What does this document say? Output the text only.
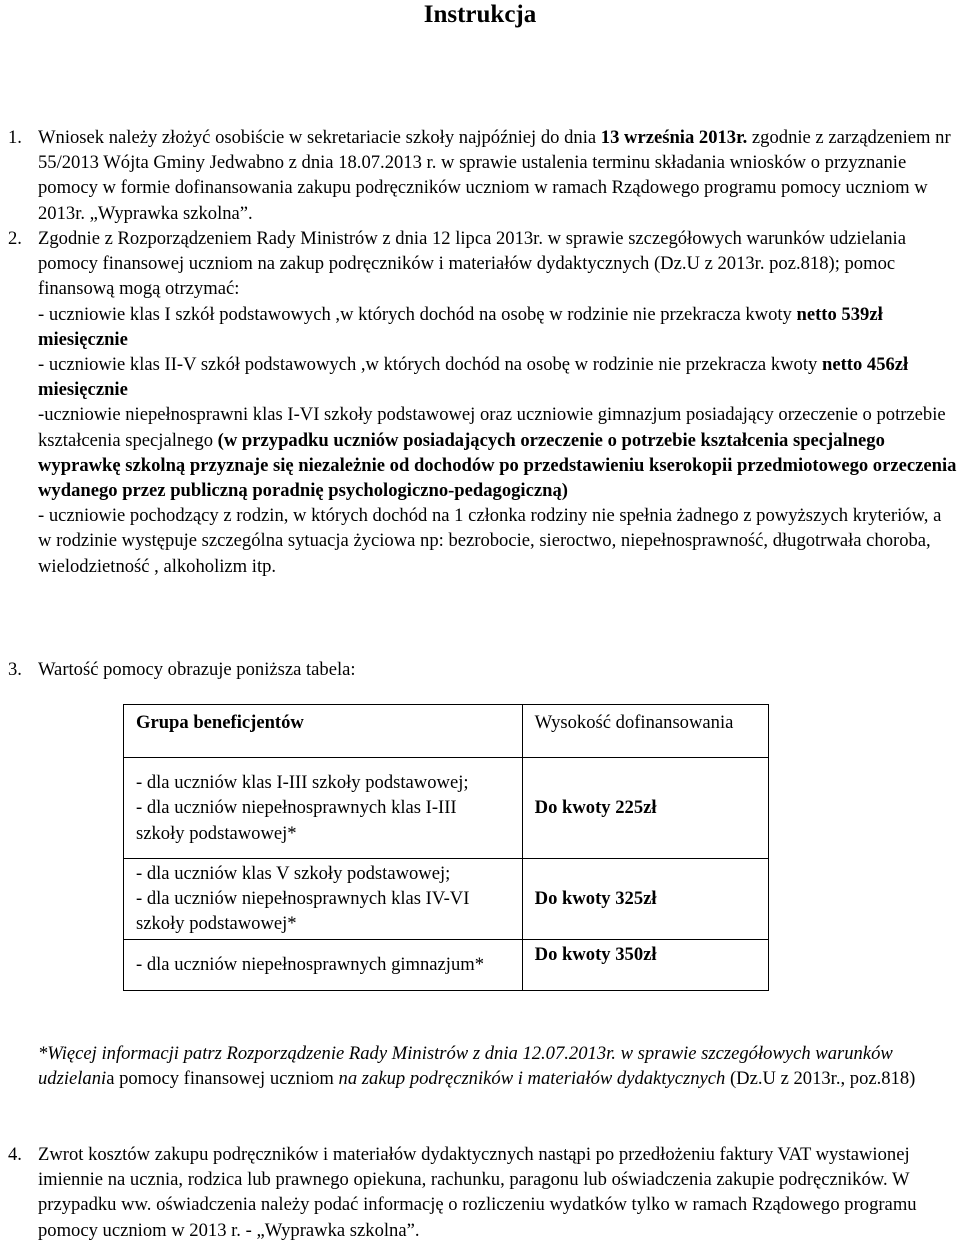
Instrukcja
1. Wniosek należy złożyć osobiście w sekretariacie szkoły najpóźniej do dnia 13 września 2013r. zgodnie z zarządzeniem nr 55/2013 Wójta Gminy Jedwabno z dnia 18.07.2013 r. w sprawie ustalenia terminu składania wniosków o przyznanie pomocy w formie dofinansowania zakupu podręczników uczniom w ramach Rządowego programu pomocy uczniom w 2013r. „Wyprawka szkolna”.
2. Zgodnie z Rozporządzeniem Rady Ministrów z dnia 12 lipca 2013r. w sprawie szczegółowych warunków udzielania pomocy finansowej uczniom na zakup podręczników i materiałów dydaktycznych (Dz.U z 2013r. poz.818); pomoc finansową mogą otrzymać:
- uczniowie klas I szkół podstawowych ,w których dochód na osobę w rodzinie nie przekracza kwoty netto 539zł miesięcznie
- uczniowie klas II-V szkół podstawowych ,w których dochód na osobę w rodzinie nie przekracza kwoty netto 456zł miesięcznie
-uczniowie niepełnosprawni klas I-VI szkoły podstawowej oraz uczniowie gimnazjum posiadający orzeczenie o potrzebie kształcenia specjalnego (w przypadku uczniów posiadających orzeczenie o potrzebie kształcenia specjalnego wyprawkę szkolną przyznaje się niezależnie od dochodów po przedstawieniu kserokopii przedmiotowego orzeczenia wydanego przez publiczną poradnię psychologiczno-pedagogiczną)
- uczniowie pochodzący z rodzin, w których dochód na 1 członka rodziny nie spełnia żadnego z powyższych kryteriów, a w rodzinie występuje szczególna sytuacja życiowa np: bezrobocie, sieroctwo, niepełnosprawność, długotrwała choroba, wielodzietność , alkoholizm itp.
3. Wartość pomocy obrazuje poniższa tabela:
Grupa beneficjentów	Wysokość dofinansowania
- dla uczniów klas I-III szkoły podstawowej;
- dla uczniów niepełnosprawnych klas I-III szkoły podstawowej*	Do kwoty 225zł
- dla uczniów klas V szkoły podstawowej;
- dla uczniów niepełnosprawnych klas IV-VI szkoły podstawowej*	Do kwoty 325zł
- dla uczniów niepełnosprawnych gimnazjum*	Do kwoty 350zł
*Więcej informacji patrz Rozporządzenie Rady Ministrów z dnia 12.07.2013r. w sprawie szczegółowych warunków udzielania pomocy finansowej uczniom na zakup podręczników i materiałów dydaktycznych (Dz.U z 2013r., poz.818)
4. Zwrot kosztów zakupu podręczników i materiałów dydaktycznych nastąpi po przedłożeniu faktury VAT wystawionej imiennie na ucznia, rodzica lub prawnego opiekuna, rachunku, paragonu lub oświadczenia zakupie podręczników. W przypadku ww. oświadczenia należy podać informację o rozliczeniu wydatków tylko w ramach Rządowego programu pomocy uczniom w 2013 r. - „Wyprawka szkolna”.
